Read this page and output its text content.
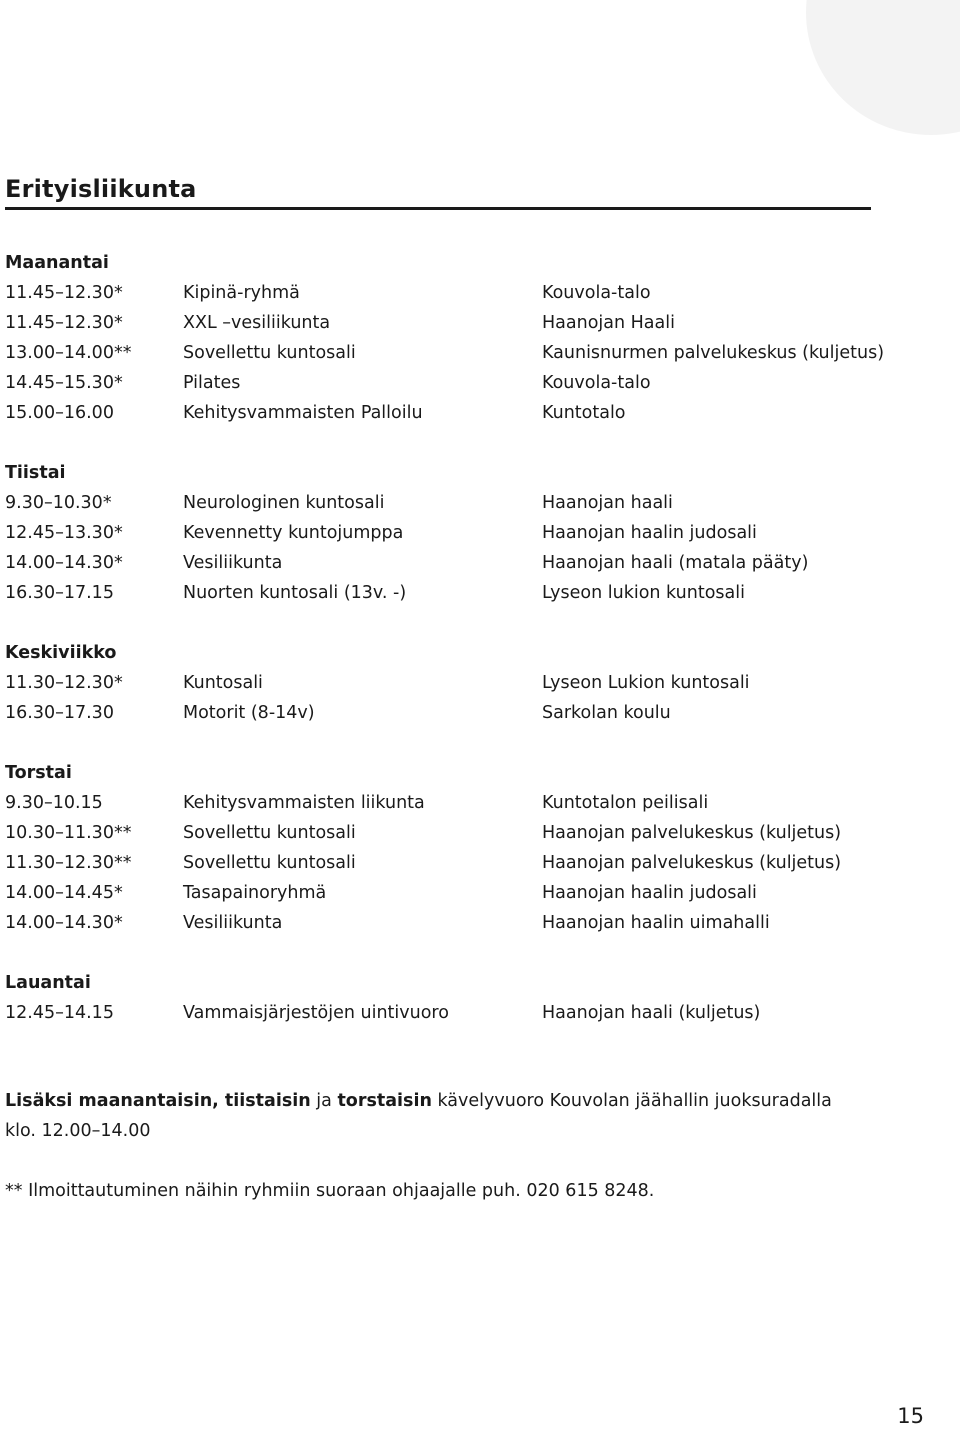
Erityisliikunta
Maanantai
11.45–12.30*	Kipinä-ryhmä	Kouvola-talo
11.45–12.30*	XXL –vesiliikunta	Haanojan Haali
13.00–14.00**	Sovellettu kuntosali	Kaunisnurmen palvelukeskus (kuljetus)
14.45–15.30*	Pilates	Kouvola-talo
15.00–16.00	Kehitysvammaisten Palloilu	Kuntotalo
Tiistai
9.30–10.30*	Neurologinen kuntosali	Haanojan haali
12.45–13.30*	Kevennetty kuntojumppa	Haanojan haalin judosali
14.00–14.30*	Vesiliikunta	Haanojan haali (matala pääty)
16.30–17.15	Nuorten kuntosali (13v. -)	Lyseon lukion kuntosali
Keskiviikko
11.30–12.30*	Kuntosali	Lyseon Lukion kuntosali
16.30–17.30	Motorit (8-14v)	Sarkolan koulu
Torstai
9.30–10.15	Kehitysvammaisten liikunta	Kuntotalon peilisali
10.30–11.30**	Sovellettu kuntosali	Haanojan palvelukeskus (kuljetus)
11.30–12.30**	Sovellettu kuntosali	Haanojan palvelukeskus (kuljetus)
14.00–14.45*	Tasapainoryhmä	Haanojan haalin judosali
14.00–14.30*	Vesiliikunta	Haanojan haalin uimahalli
Lauantai
12.45–14.15	Vammaisjärjestöjen uintivuoro	Haanojan haali (kuljetus)
Lisäksi maanantaisin, tiistaisin ja torstaisin kävelyvuoro Kouvolan jäähallin juoksuradalla
klo. 12.00–14.00
** Ilmoittautuminen näihin ryhmiin suoraan ohjaajalle puh. 020 615 8248.
15
